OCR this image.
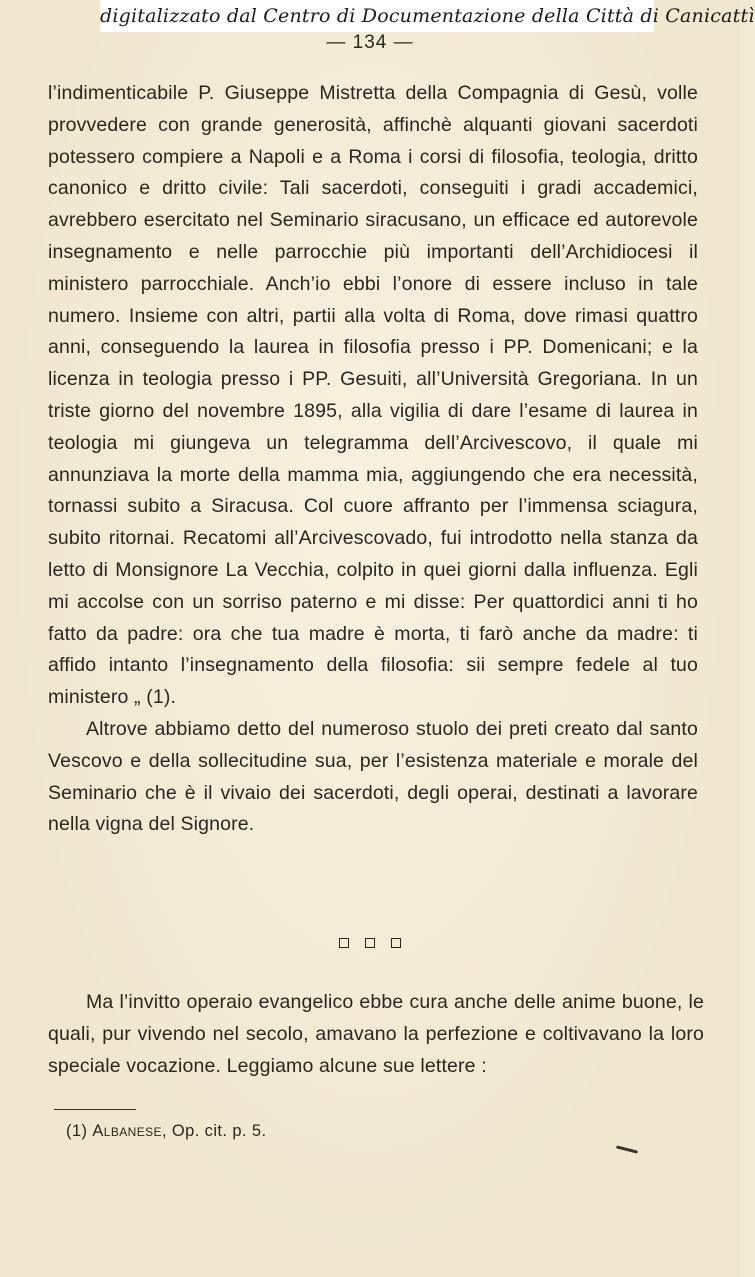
digitalizzato dal Centro di Documentazione della Città di Canicattì
— 134 —

l’indimenticabile P. Giuseppe Mistretta della Compagnia di Gesù, volle provvedere con grande generosità, affinchè alquanti giovani sacerdoti potessero compiere a Napoli e a Roma i corsi di filosofia, teologia, dritto canonico e dritto civile: Tali sacerdoti, conseguiti i gradi accademici, avrebbero esercitato nel Seminario siracusano, un efficace ed autorevole insegnamento e nelle parrocchie più importanti dell’Archidiocesi il ministero parrocchiale. Anch’io ebbi l’onore di essere incluso in tale numero. Insieme con altri, partii alla volta di Roma, dove rimasi quattro anni, conseguendo la laurea in filosofia presso i PP. Domenicani; e la licenza in teologia presso i PP. Gesuiti, all’Università Gregoriana. In un triste giorno del novembre 1895, alla vigilia di dare l’esame di laurea in teologia mi giungeva un telegramma dell’Arcivescovo, il quale mi annunziava la morte della mamma mia, aggiungendo che era necessità, tornassi subito a Siracusa. Col cuore affranto per l’immensa sciagura, subito ritornai. Recatomi all’Arcivescovado, fui introdotto nella stanza da letto di Monsignore La Vecchia, colpito in quei giorni dalla influenza. Egli mi accolse con un sorriso paterno e mi disse: Per quattordici anni ti ho fatto da padre: ora che tua madre è morta, ti farò anche da madre: ti affido intanto l’insegnamento della filosofia: sii sempre fedele al tuo ministero „ (1).

Altrove abbiamo detto del numeroso stuolo dei preti creato dal santo Vescovo e della sollecitudine sua, per l’esistenza materiale e morale del Seminario che è il vivaio dei sacerdoti, degli operai, destinati a lavorare nella vigna del Signore.

Ma l’invitto operaio evangelico ebbe cura anche delle anime buone, le quali, pur vivendo nel secolo, amavano la perfezione e coltivavano la loro speciale vocazione. Leggiamo alcune sue lettere :

(1) Albanese, Op. cit. p. 5.
